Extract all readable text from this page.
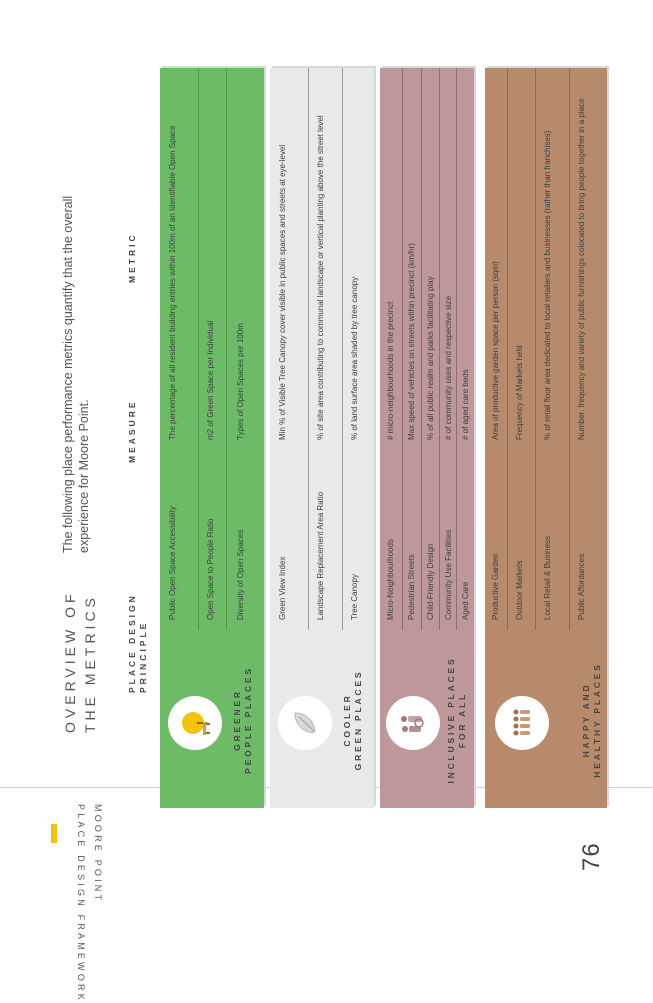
76
MOORE POINT
PLACE DESIGN FRAMEWORK
OVERVIEW OF THE METRICS
The following place performance metrics quantify that the overall experience for Moore Point.
PLACE DESIGN PRINCIPLE
MEASURE
METRIC
GREENER PEOPLE PLACES
Public Open Space Accessibility
The percentage of all resident building entries within 100m of an Identifiable Open Space
Open Space to People Ratio
m2 of Green Space per Individual
Diversity of Open Spaces
Types of Open Spaces per 100m
COOLER GREEN PLACES
Green View Index
Min % of Visible Tree Canopy cover visible in public spaces and streets at eye-level
Landscape Replacement Area Ratio
% of site area contributing to communal landscape or vertical planting above the street level
Tree Canopy
% of land surface area shaded by tree canopy
INCLUSIVE PLACES FOR ALL
Micro-Neighbourhoods
# micro-neighbourhoods in the precinct
Pedestrian Streets
Max speed of vehicles on streets within precinct (km/hr)
Child-Friendly Design
% of all public realm and parks facilitating play
Community Use Facilities
# of community uses and respective size
Aged Care
# of aged care beds
HAPPY AND HEALTHY PLACES
Productive Garden
Area of productive garden space per person (sqm)
Outdoor Markets
Frequency of Markets held
Local Retail & Business
% of retail floor area dedicated to local retailers and businesses (rather than franchises)
Public Affordances
Number, frequency and variety of public furnishings colocated to bring people together in a place
